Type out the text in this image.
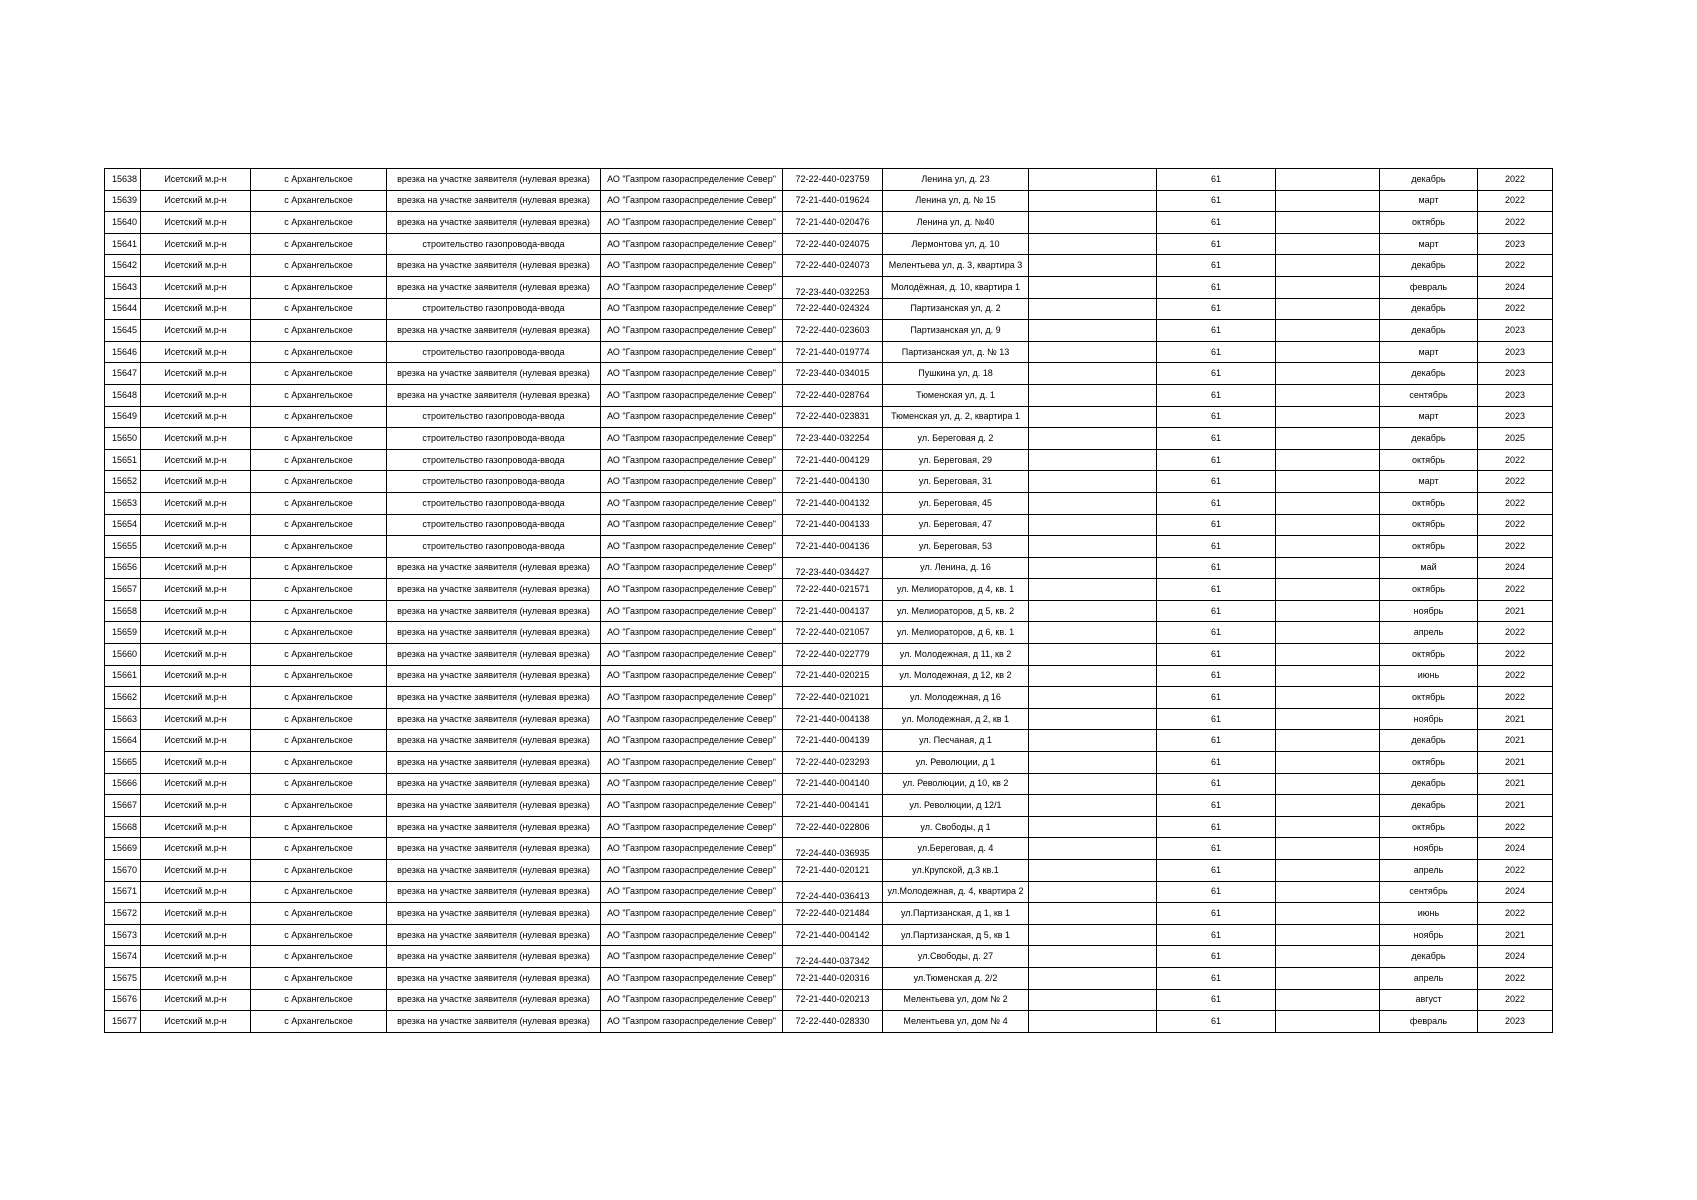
15638	Исетский м.р-н	с Архангельское	врезка на участке заявителя (нулевая врезка)	АО "Газпром газораспределение Север"	72-22-440-023759	Ленина ул, д. 23		61		декабрь	2022
15639	Исетский м.р-н	с Архангельское	врезка на участке заявителя (нулевая врезка)	АО "Газпром газораспределение Север"	72-21-440-019624	Ленина ул, д. № 15		61		март	2022
15640	Исетский м.р-н	с Архангельское	врезка на участке заявителя (нулевая врезка)	АО "Газпром газораспределение Север"	72-21-440-020476	Ленина ул, д. №40		61		октябрь	2022
15641	Исетский м.р-н	с Архангельское	строительство газопровода-ввода	АО "Газпром газораспределение Север"	72-22-440-024075	Лермонтова ул, д. 10		61		март	2023
15642	Исетский м.р-н	с Архангельское	врезка на участке заявителя (нулевая врезка)	АО "Газпром газораспределение Север"	72-22-440-024073	Мелентьева ул, д. 3, квартира 3		61		декабрь	2022
15643	Исетский м.р-н	с Архангельское	врезка на участке заявителя (нулевая врезка)	АО "Газпром газораспределение Север"	72-23-440-032253	Молодёжная, д. 10, квартира 1		61		февраль	2024
15644	Исетский м.р-н	с Архангельское	строительство газопровода-ввода	АО "Газпром газораспределение Север"	72-22-440-024324	Партизанская ул, д. 2		61		декабрь	2022
15645	Исетский м.р-н	с Архангельское	врезка на участке заявителя (нулевая врезка)	АО "Газпром газораспределение Север"	72-22-440-023603	Партизанская ул, д. 9		61		декабрь	2023
15646	Исетский м.р-н	с Архангельское	строительство газопровода-ввода	АО "Газпром газораспределение Север"	72-21-440-019774	Партизанская ул, д. № 13		61		март	2023
15647	Исетский м.р-н	с Архангельское	врезка на участке заявителя (нулевая врезка)	АО "Газпром газораспределение Север"	72-23-440-034015	Пушкина ул, д. 18		61		декабрь	2023
15648	Исетский м.р-н	с Архангельское	врезка на участке заявителя (нулевая врезка)	АО "Газпром газораспределение Север"	72-22-440-028764	Тюменская ул, д. 1		61		сентябрь	2023
15649	Исетский м.р-н	с Архангельское	строительство газопровода-ввода	АО "Газпром газораспределение Север"	72-22-440-023831	Тюменская ул, д. 2, квартира 1		61		март	2023
15650	Исетский м.р-н	с Архангельское	строительство газопровода-ввода	АО "Газпром газораспределение Север"	72-23-440-032254	ул. Береговая д. 2		61		декабрь	2025
15651	Исетский м.р-н	с Архангельское	строительство газопровода-ввода	АО "Газпром газораспределение Север"	72-21-440-004129	ул. Береговая, 29		61		октябрь	2022
15652	Исетский м.р-н	с Архангельское	строительство газопровода-ввода	АО "Газпром газораспределение Север"	72-21-440-004130	ул. Береговая, 31		61		март	2022
15653	Исетский м.р-н	с Архангельское	строительство газопровода-ввода	АО "Газпром газораспределение Север"	72-21-440-004132	ул. Береговая, 45		61		октябрь	2022
15654	Исетский м.р-н	с Архангельское	строительство газопровода-ввода	АО "Газпром газораспределение Север"	72-21-440-004133	ул. Береговая, 47		61		октябрь	2022
15655	Исетский м.р-н	с Архангельское	строительство газопровода-ввода	АО "Газпром газораспределение Север"	72-21-440-004136	ул. Береговая, 53		61		октябрь	2022
15656	Исетский м.р-н	с Архангельское	врезка на участке заявителя (нулевая врезка)	АО "Газпром газораспределение Север"	72-23-440-034427	ул. Ленина, д. 16		61		май	2024
15657	Исетский м.р-н	с Архангельское	врезка на участке заявителя (нулевая врезка)	АО "Газпром газораспределение Север"	72-22-440-021571	ул. Мелиораторов, д 4, кв. 1		61		октябрь	2022
15658	Исетский м.р-н	с Архангельское	врезка на участке заявителя (нулевая врезка)	АО "Газпром газораспределение Север"	72-21-440-004137	ул. Мелиораторов, д 5, кв. 2		61		ноябрь	2021
15659	Исетский м.р-н	с Архангельское	врезка на участке заявителя (нулевая врезка)	АО "Газпром газораспределение Север"	72-22-440-021057	ул. Мелиораторов, д 6, кв. 1		61		апрель	2022
15660	Исетский м.р-н	с Архангельское	врезка на участке заявителя (нулевая врезка)	АО "Газпром газораспределение Север"	72-22-440-022779	ул. Молодежная, д 11, кв 2		61		октябрь	2022
15661	Исетский м.р-н	с Архангельское	врезка на участке заявителя (нулевая врезка)	АО "Газпром газораспределение Север"	72-21-440-020215	ул. Молодежная, д 12, кв 2		61		июнь	2022
15662	Исетский м.р-н	с Архангельское	врезка на участке заявителя (нулевая врезка)	АО "Газпром газораспределение Север"	72-22-440-021021	ул. Молодежная, д 16		61		октябрь	2022
15663	Исетский м.р-н	с Архангельское	врезка на участке заявителя (нулевая врезка)	АО "Газпром газораспределение Север"	72-21-440-004138	ул. Молодежная, д 2, кв 1		61		ноябрь	2021
15664	Исетский м.р-н	с Архангельское	врезка на участке заявителя (нулевая врезка)	АО "Газпром газораспределение Север"	72-21-440-004139	ул. Песчаная, д 1		61		декабрь	2021
15665	Исетский м.р-н	с Архангельское	врезка на участке заявителя (нулевая врезка)	АО "Газпром газораспределение Север"	72-22-440-023293	ул. Революции, д 1		61		октябрь	2021
15666	Исетский м.р-н	с Архангельское	врезка на участке заявителя (нулевая врезка)	АО "Газпром газораспределение Север"	72-21-440-004140	ул. Революции, д 10, кв 2		61		декабрь	2021
15667	Исетский м.р-н	с Архангельское	врезка на участке заявителя (нулевая врезка)	АО "Газпром газораспределение Север"	72-21-440-004141	ул. Революции, д 12/1		61		декабрь	2021
15668	Исетский м.р-н	с Архангельское	врезка на участке заявителя (нулевая врезка)	АО "Газпром газораспределение Север"	72-22-440-022806	ул. Свободы, д 1		61		октябрь	2022
15669	Исетский м.р-н	с Архангельское	врезка на участке заявителя (нулевая врезка)	АО "Газпром газораспределение Север"	72-24-440-036935	ул.Береговая, д. 4		61		ноябрь	2024
15670	Исетский м.р-н	с Архангельское	врезка на участке заявителя (нулевая врезка)	АО "Газпром газораспределение Север"	72-21-440-020121	ул.Крупской, д.3 кв.1		61		апрель	2022
15671	Исетский м.р-н	с Архангельское	врезка на участке заявителя (нулевая врезка)	АО "Газпром газораспределение Север"	72-24-440-036413	ул.Молодежная, д. 4, квартира 2		61		сентябрь	2024
15672	Исетский м.р-н	с Архангельское	врезка на участке заявителя (нулевая врезка)	АО "Газпром газораспределение Север"	72-22-440-021484	ул.Партизанская, д 1, кв 1		61		июнь	2022
15673	Исетский м.р-н	с Архангельское	врезка на участке заявителя (нулевая врезка)	АО "Газпром газораспределение Север"	72-21-440-004142	ул.Партизанская, д 5, кв 1		61		ноябрь	2021
15674	Исетский м.р-н	с Архангельское	врезка на участке заявителя (нулевая врезка)	АО "Газпром газораспределение Север"	72-24-440-037342	ул.Свободы, д. 27		61		декабрь	2024
15675	Исетский м.р-н	с Архангельское	врезка на участке заявителя (нулевая врезка)	АО "Газпром газораспределение Север"	72-21-440-020316	ул.Тюменская д. 2/2		61		апрель	2022
15676	Исетский м.р-н	с Архангельское	врезка на участке заявителя (нулевая врезка)	АО "Газпром газораспределение Север"	72-21-440-020213	Мелентьева ул, дом № 2		61		август	2022
15677	Исетский м.р-н	с Архангельское	врезка на участке заявителя (нулевая врезка)	АО "Газпром газораспределение Север"	72-22-440-028330	Мелентьева ул, дом № 4		61		февраль	2023
